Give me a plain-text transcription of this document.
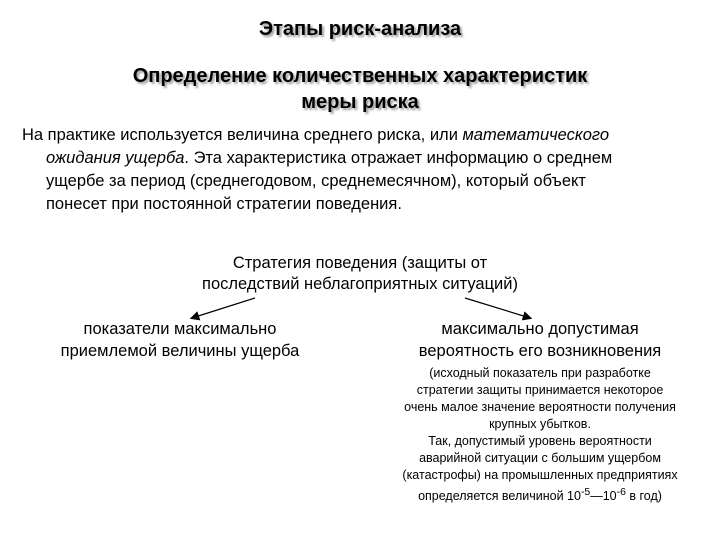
Этапы риск-анализа
Определение количественных характеристик
меры риска
На практике используется величина среднего риска, или математического
ожидания ущерба. Эта характеристика отражает информацию о среднем
ущербе за период (среднегодовом, среднемесячном), который объект
понесет при постоянной стратегии поведения.
Стратегия поведения (защиты от
последствий неблагоприятных ситуаций)
показатели максимально
приемлемой величины ущерба
максимально допустимая
вероятность его возникновения
(исходный показатель при разработке
стратегии защиты принимается некоторое
очень малое значение вероятности получения
крупных убытков.
Так, допустимый уровень вероятности
аварийной ситуации с большим ущербом
(катастрофы) на промышленных предприятиях
определяется величиной $10^{-5}—10^{-6}$ в год)
